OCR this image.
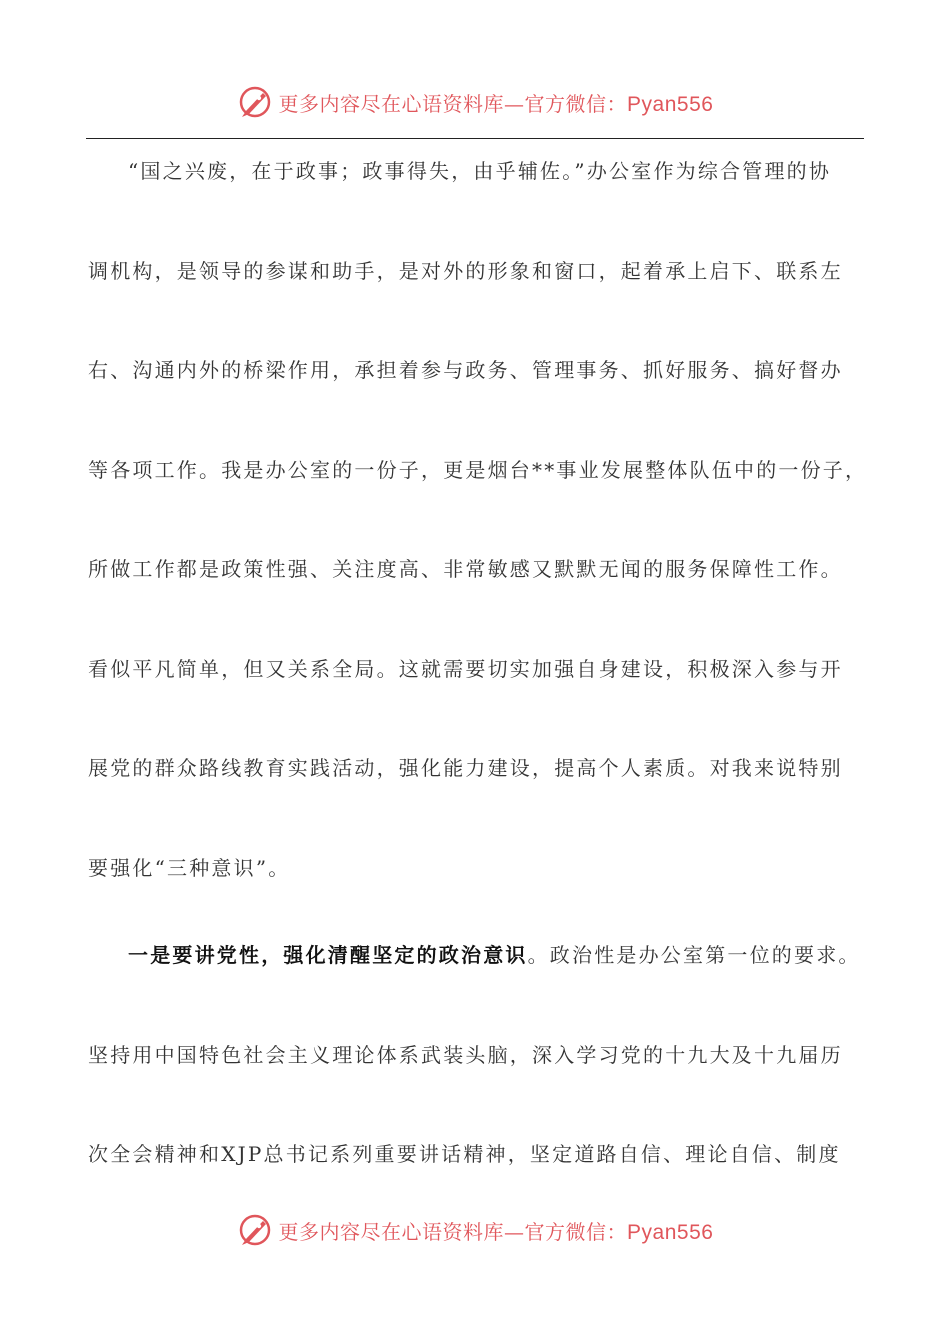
更多内容尽在心语资料库—官方微信：Pyan556
“国之兴废，在于政事；政事得失，由乎辅佐。”办公室作为综合管理的协
调机构，是领导的参谋和助手，是对外的形象和窗口，起着承上启下、联系左
右、沟通内外的桥梁作用，承担着参与政务、管理事务、抓好服务、搞好督办
等各项工作。我是办公室的一份子，更是烟台**事业发展整体队伍中的一份子，
所做工作都是政策性强、关注度高、非常敏感又默默无闻的服务保障性工作。
看似平凡简单，但又关系全局。这就需要切实加强自身建设，积极深入参与开
展党的群众路线教育实践活动，强化能力建设，提高个人素质。对我来说特别
要强化“三种意识”。
一是要讲党性，强化清醒坚定的政治意识。政治性是办公室第一位的要求。
坚持用中国特色社会主义理论体系武装头脑，深入学习党的十九大及十九届历
次全会精神和XJP总书记系列重要讲话精神，坚定道路自信、理论自信、制度
更多内容尽在心语资料库—官方微信：Pyan556
